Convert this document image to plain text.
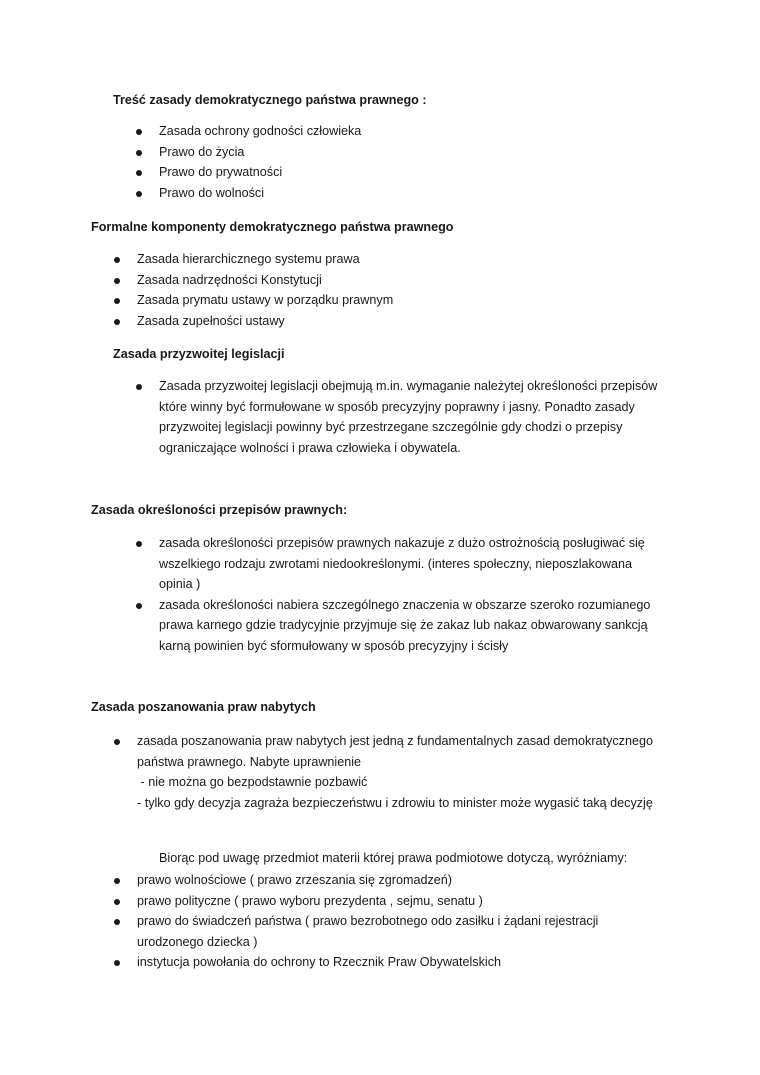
Treść zasady demokratycznego państwa prawnego :
Zasada ochrony godności człowieka
Prawo do życia
Prawo do prywatności
Prawo do wolności
Formalne komponenty demokratycznego państwa prawnego
Zasada hierarchicznego systemu prawa
Zasada nadrzędności Konstytucji
Zasada prymatu ustawy w porządku prawnym
Zasada zupełności ustawy
Zasada przyzwoitej legislacji
Zasada przyzwoitej legislacji obejmują m.in. wymaganie należytej określoności przepisów
które winny być formułowane w sposób precyzyjny poprawny i jasny. Ponadto zasady
przyzwoitej legislacji powinny być przestrzegane szczególnie gdy chodzi o przepisy
ograniczające wolności i prawa człowieka i obywatela.
Zasada określoności przepisów prawnych:
zasada określoności przepisów prawnych nakazuje z dużo ostrożnością posługiwać się
wszelkiego rodzaju zwrotami niedookreślonymi. (interes społeczny, nieposzlakowana
opinia )
zasada określoności nabiera szczególnego znaczenia w obszarze szeroko rozumianego
prawa karnego gdzie tradycyjnie przyjmuje się że zakaz lub nakaz obwarowany sankcją
karną powinien być sformułowany w sposób precyzyjny i ścisły
Zasada poszanowania praw nabytych
zasada poszanowania praw nabytych jest jedną z fundamentalnych zasad demokratycznego
państwa prawnego. Nabyte uprawnienie
- nie można go bezpodstawnie pozbawić
- tylko gdy decyzja zagraża bezpieczeństwu i zdrowiu to minister może wygasić taką decyzję

Biorąc pod uwagę przedmiot materii której prawa podmiotowe dotyczą, wyróżniamy:

prawo wolnościowe ( prawo zrzeszania się zgromadzeń)
prawo polityczne ( prawo wyboru prezydenta , sejmu, senatu )
prawo do świadczeń państwa ( prawo bezrobotnego odo zasiłku i żądani rejestracji
urodzonego dziecka )
instytucja powołania do ochrony to Rzecznik Praw Obywatelskich
